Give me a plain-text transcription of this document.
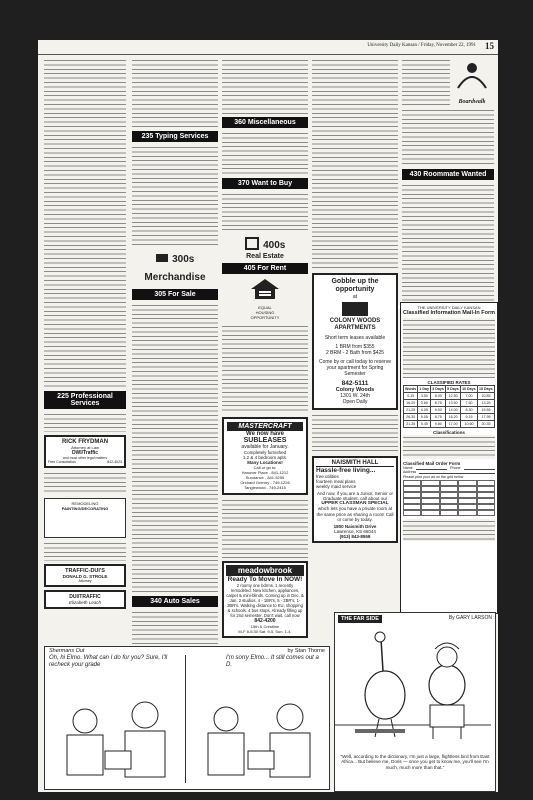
University Daily Kansan / Friday, November 22, 1991 15
225 Professional Services
RICK FRYDMAN
Attorney at Law
DWI/Traffic
and most other legal matters
Free Consultation	842-4023
REMODELING
PAINTING/DECORATING
TRAFFIC-DUI'S
DONALD G. STROLE
Attorney
DUI/TRAFFIC
Elizabeth Leach
235 Typing Services
300s Merchandise
305 For Sale
340 Auto Sales
360 Miscellaneous
370 Want to Buy
400s
Real Estate
405 For Rent
EQUAL
HOUSING
OPPORTUNITY
MASTERCRAFT
We now have
SUBLEASES
available for January.
Completely furnished
1,2 & 4 bedroom apts.
Many Locations!
Call or go to:
Hanover Place - 841-1212
Sundance - 841-5255
Orchard Gremry - 749-1226
Tanglewood - 749-2415
meadowbrook
Ready To Move In NOW!
2 roomy one bdrms. 1 recently remodeled. New kitchen, appliances, carpet & mini-blinds. Coming up in Dec. & Jan. 2 studios, 4 - 1BR's, 5 - 2BR's, 1-3BR's. Walking distance to KU, shopping & schools. 4 bus stops. Already filling up for 2nd semester. Don't wait, call now
842-4200
15th & Crestline
M-F 8-5:30 Sat. 9-5, Sun. 1-4.
Gobble up the opportunity
at
COLONY WOODS APARTMENTS
Short term leases available
1 BRM from $355
2 BRM - 2 Bath from $425
Come by or call today to reserve your apartment for Spring Semester
842-5111
Colony Woods
1301 W. 24th
Open Daily
NAISMITH HALL
Hassle-free living...
free utilities
fourteen meal plans
weekly maid service
And now, if you are a Junior, Senior or Graduate student, call about our
UPPER CLASSMAN SPECIAL
which lets you have a private room at the same price as sharing a room! Call or come by today.
1800 Naismith Drive
Lawrence, KS 66044
(913) 843-8559
Boardwalk
430 Roommate Wanted
THE UNIVERSITY DAILY KANSAN
Classified Information Mail-In Form
CLASSIFIED RATES
Words	1 Day	3 Days	5 Days	10 Days	15 Days
0-15	3.50	8.00	12.50	7.00	10.85
16-20	3.80	8.75	13.50	7.50	13.25
21-25	4.05	9.00	14.00	8.30	15.55
26-30	5.05	8.75	16.20	9.15	17.95
31-35	5.45	9.80	17.00	10.60	20.35
Classifications
Classified Mail Order Form
Name	Phone
Address
Please print your ad on the grid below
THE FAR SIDE	By GARY LARSON
"Well, according to the dictionary, I'm just a large, flightless bird from East Africa... But believe me, Doris — once you get to know me, you'll see I'm much, much more than that."
Shermans Out	by Stan Thorne
Oh, hi Elmo. What can I do for you? Sure, I'll recheck your grade
I'm sorry Elmo... It still comes out a D.
